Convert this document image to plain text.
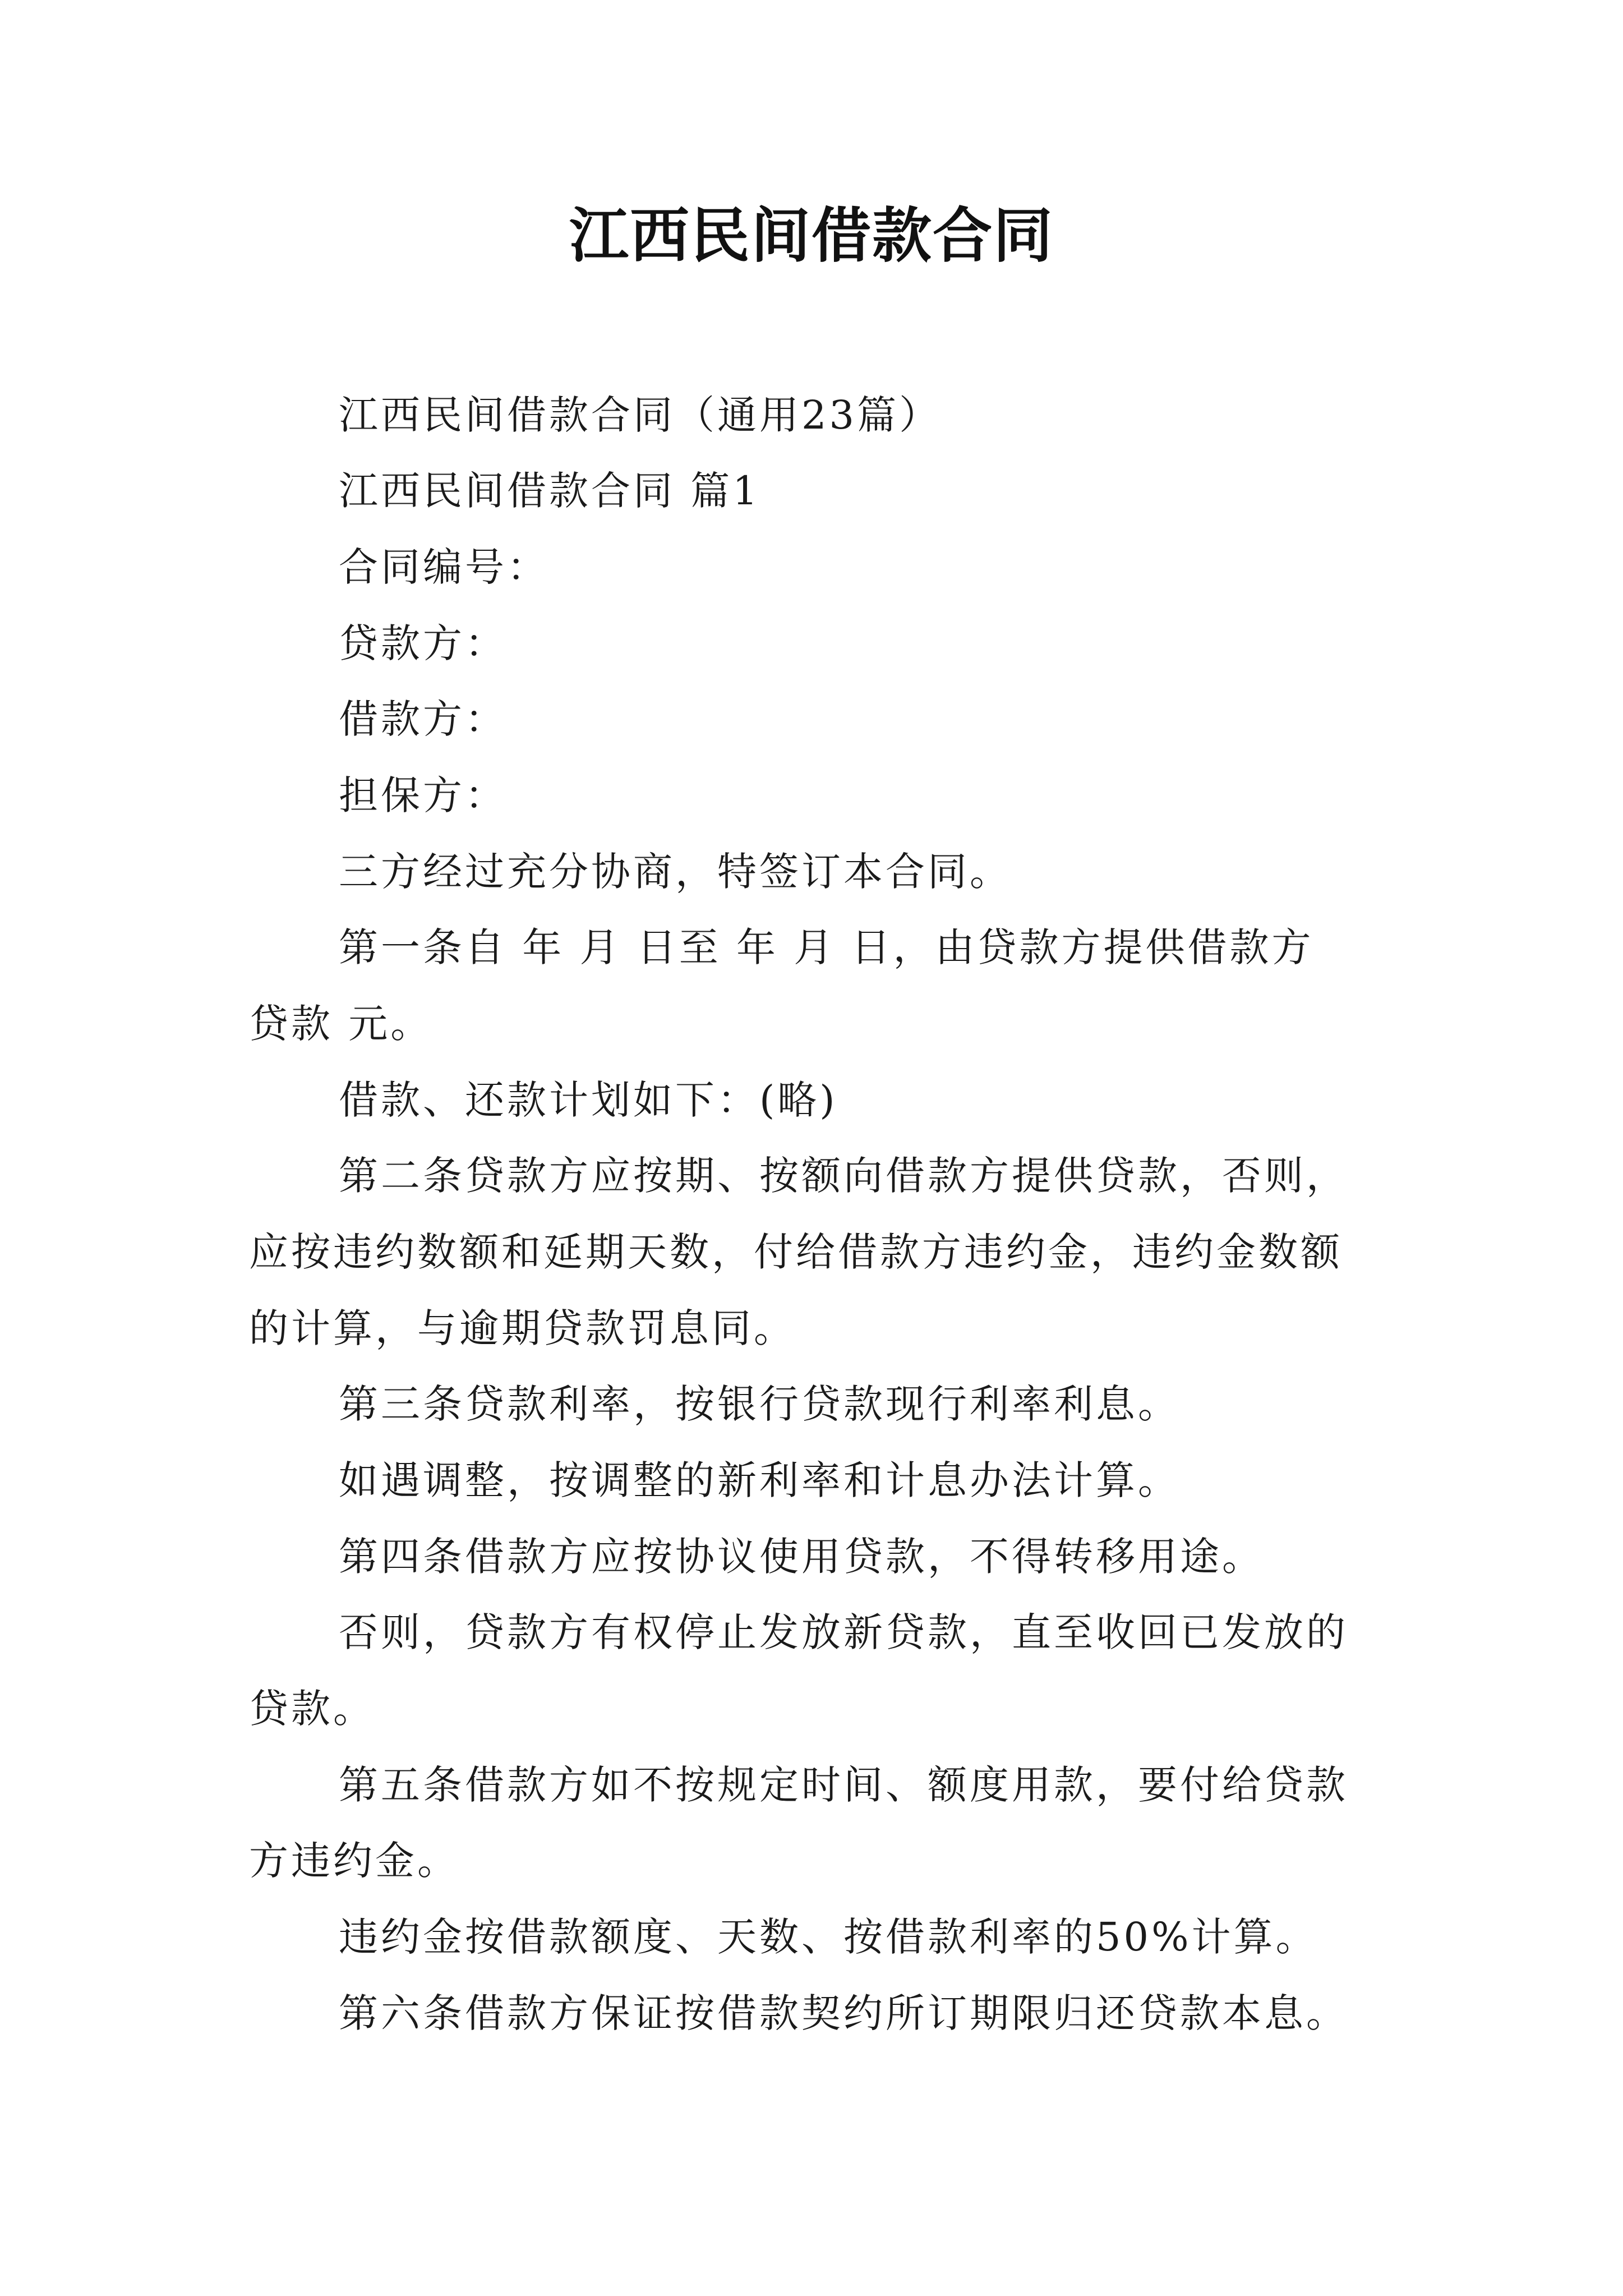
江西民间借款合同
江西民间借款合同（通用23篇）
江西民间借款合同 篇1
合同编号：
贷款方：
借款方：
担保方：
三方经过充分协商，特签订本合同。
第一条自 年 月 日至 年 月 日，由贷款方提供借款方
贷款 元。
借款、还款计划如下：(略)
第二条贷款方应按期、按额向借款方提供贷款，否则，
应按违约数额和延期天数，付给借款方违约金，违约金数额
的计算，与逾期贷款罚息同。
第三条贷款利率，按银行贷款现行利率利息。
如遇调整，按调整的新利率和计息办法计算。
第四条借款方应按协议使用贷款，不得转移用途。
否则，贷款方有权停止发放新贷款，直至收回已发放的
贷款。
第五条借款方如不按规定时间、额度用款，要付给贷款
方违约金。
违约金按借款额度、天数、按借款利率的50%计算。
第六条借款方保证按借款契约所订期限归还贷款本息。
